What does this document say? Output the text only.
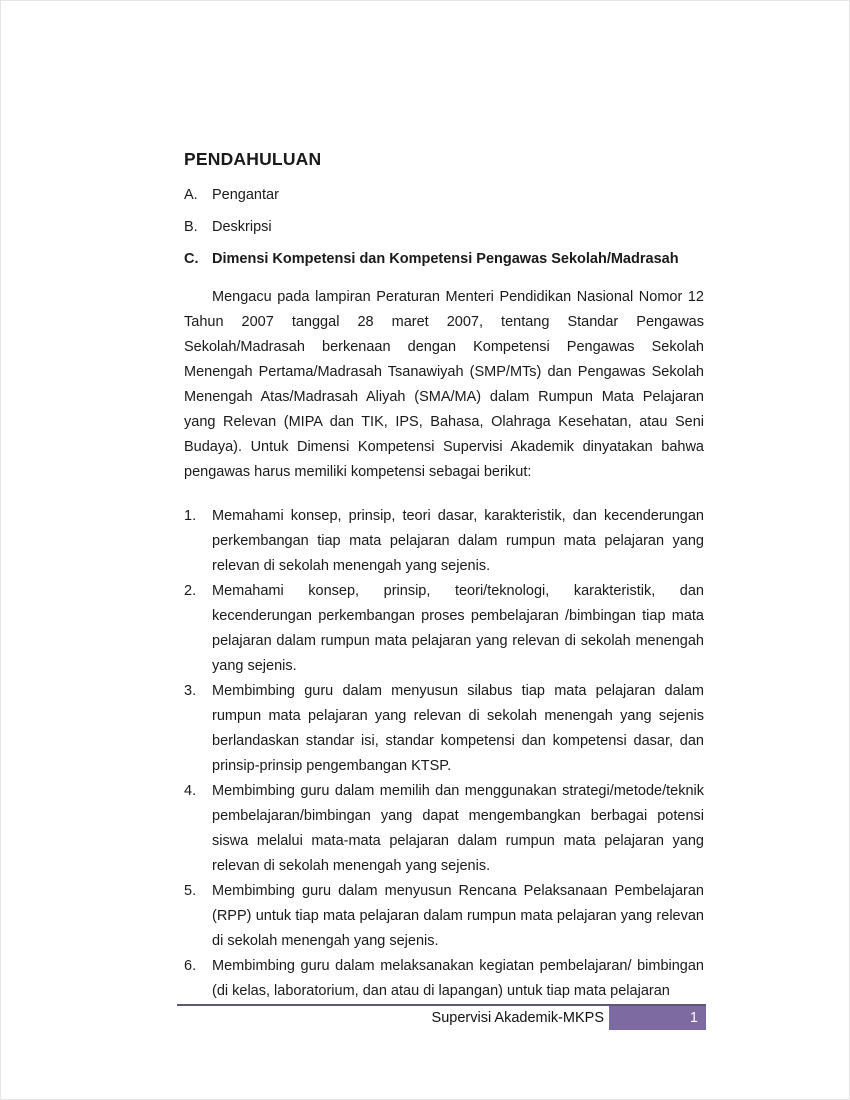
PENDAHULUAN
A. Pengantar
B. Deskripsi
C. Dimensi Kompetensi dan Kompetensi Pengawas Sekolah/Madrasah

Mengacu pada lampiran Peraturan Menteri Pendidikan Nasional Nomor 12 Tahun 2007 tanggal 28 maret 2007, tentang Standar Pengawas Sekolah/Madrasah berkenaan dengan Kompetensi Pengawas Sekolah Menengah Pertama/Madrasah Tsanawiyah (SMP/MTs) dan Pengawas Sekolah Menengah Atas/Madrasah Aliyah (SMA/MA) dalam Rumpun Mata Pelajaran yang Relevan (MIPA dan TIK, IPS, Bahasa, Olahraga Kesehatan, atau Seni Budaya). Untuk Dimensi Kompetensi Supervisi Akademik dinyatakan bahwa pengawas harus memiliki kompetensi sebagai berikut:

1.	Memahami konsep, prinsip, teori dasar, karakteristik, dan kecenderungan perkembangan tiap mata pelajaran dalam rumpun mata pelajaran yang relevan di sekolah menengah yang sejenis.
2.	Memahami konsep, prinsip, teori/teknologi, karakteristik, dan kecenderungan perkembangan proses pembelajaran /bimbingan tiap mata pelajaran dalam rumpun mata pelajaran yang relevan di sekolah menengah yang sejenis.
3.	Membimbing guru dalam menyusun silabus tiap mata pelajaran dalam rumpun mata pelajaran yang relevan di sekolah menengah yang sejenis berlandaskan standar isi, standar kompetensi dan kompetensi dasar, dan prinsip-prinsip pengembangan KTSP.
4.	Membimbing guru dalam memilih dan menggunakan strategi/metode/teknik pembelajaran/bimbingan yang dapat mengembangkan berbagai potensi siswa melalui mata-mata pelajaran dalam rumpun mata pelajaran yang relevan di sekolah menengah yang sejenis.
5.	Membimbing guru dalam menyusun Rencana Pelaksanaan Pembelajaran (RPP) untuk tiap mata pelajaran dalam rumpun mata pelajaran yang relevan di sekolah menengah yang sejenis.
6.	Membimbing guru dalam melaksanakan kegiatan pembelajaran/ bimbingan (di kelas, laboratorium, dan atau di lapangan) untuk tiap mata pelajaran
Supervisi Akademik-MKPS	1
